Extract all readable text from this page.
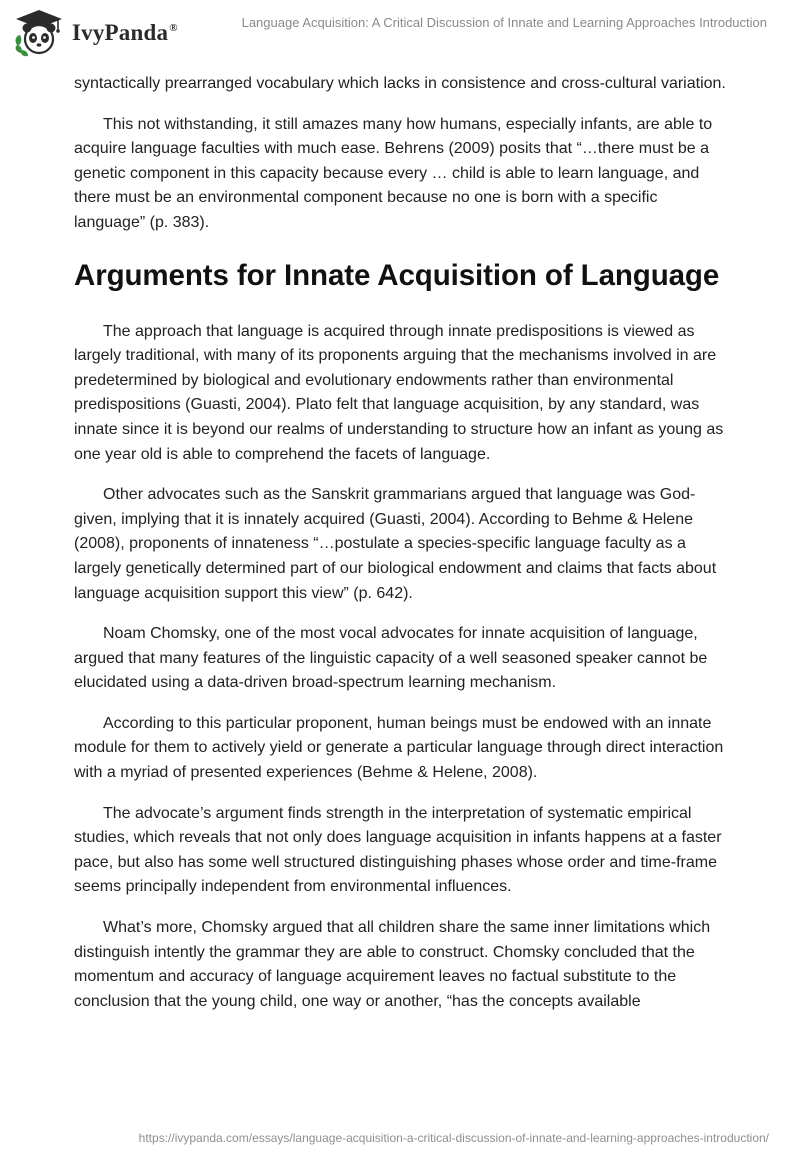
IvyPanda®	Language Acquisition: A Critical Discussion of Innate and Learning Approaches Introduction

syntactically prearranged vocabulary which lacks in consistence and cross-cultural variation.

This not withstanding, it still amazes many how humans, especially infants, are able to acquire language faculties with much ease. Behrens (2009) posits that “…there must be a genetic component in this capacity because every … child is able to learn language, and there must be an environmental component because no one is born with a specific language” (p. 383).

Arguments for Innate Acquisition of Language

The approach that language is acquired through innate predispositions is viewed as largely traditional, with many of its proponents arguing that the mechanisms involved in are predetermined by biological and evolutionary endowments rather than environmental predispositions (Guasti, 2004). Plato felt that language acquisition, by any standard, was innate since it is beyond our realms of understanding to structure how an infant as young as one year old is able to comprehend the facets of language.

Other advocates such as the Sanskrit grammarians argued that language was God-given, implying that it is innately acquired (Guasti, 2004). According to Behme & Helene (2008), proponents of innateness “…postulate a species-specific language faculty as a largely genetically determined part of our biological endowment and claims that facts about language acquisition support this view” (p. 642).

Noam Chomsky, one of the most vocal advocates for innate acquisition of language, argued that many features of the linguistic capacity of a well seasoned speaker cannot be elucidated using a data-driven broad-spectrum learning mechanism.

According to this particular proponent, human beings must be endowed with an innate module for them to actively yield or generate a particular language through direct interaction with a myriad of presented experiences (Behme & Helene, 2008).

The advocate’s argument finds strength in the interpretation of systematic empirical studies, which reveals that not only does language acquisition in infants happens at a faster pace, but also has some well structured distinguishing phases whose order and time-frame seems principally independent from environmental influences.

What’s more, Chomsky argued that all children share the same inner limitations which distinguish intently the grammar they are able to construct. Chomsky concluded that the momentum and accuracy of language acquirement leaves no factual substitute to the conclusion that the young child, one way or another, “has the concepts available

https://ivypanda.com/essays/language-acquisition-a-critical-discussion-of-innate-and-learning-approaches-introduction/
